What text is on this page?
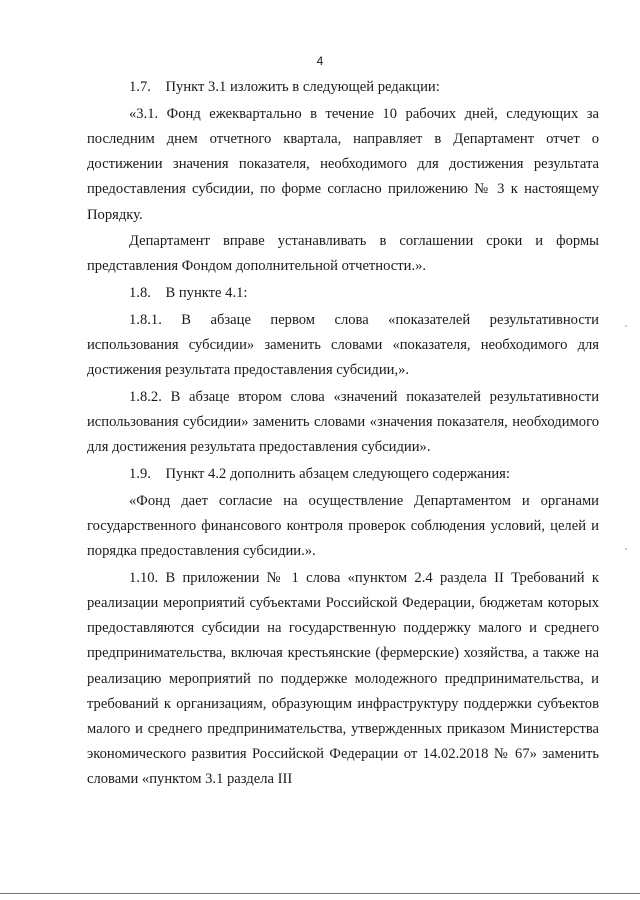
4

1.7.    Пункт 3.1 изложить в следующей редакции:

«3.1. Фонд ежеквартально в течение 10 рабочих дней, следующих за последним днем отчетного квартала, направляет в Департамент отчет о достижении значения показателя, необходимого для достижения результата предоставления субсидии, по форме согласно приложению № 3 к настоящему Порядку.

Департамент вправе устанавливать в соглашении сроки и формы представления Фондом дополнительной отчетности.».

1.8.    В пункте 4.1:

1.8.1. В абзаце первом слова «показателей результативности использования субсидии» заменить словами «показателя, необходимого для достижения результата предоставления субсидии,».

1.8.2. В абзаце втором слова «значений показателей результативности использования субсидии» заменить словами «значения показателя, необходимого для достижения результата предоставления субсидии».

1.9.    Пункт 4.2 дополнить абзацем следующего содержания:

«Фонд дает согласие на осуществление Департаментом и органами государственного финансового контроля проверок соблюдения условий, целей и порядка предоставления субсидии.».

1.10. В приложении № 1 слова «пунктом 2.4 раздела II Требований к реализации мероприятий субъектами Российской Федерации, бюджетам которых предоставляются субсидии на государственную поддержку малого и среднего предпринимательства, включая крестьянские (фермерские) хозяйства, а также на реализацию мероприятий по поддержке молодежного предпринимательства, и требований к организациям, образующим инфраструктуру поддержки субъектов малого и среднего предпринимательства, утвержденных приказом Министерства экономического развития Российской Федерации от 14.02.2018 № 67» заменить словами «пунктом 3.1 раздела III
